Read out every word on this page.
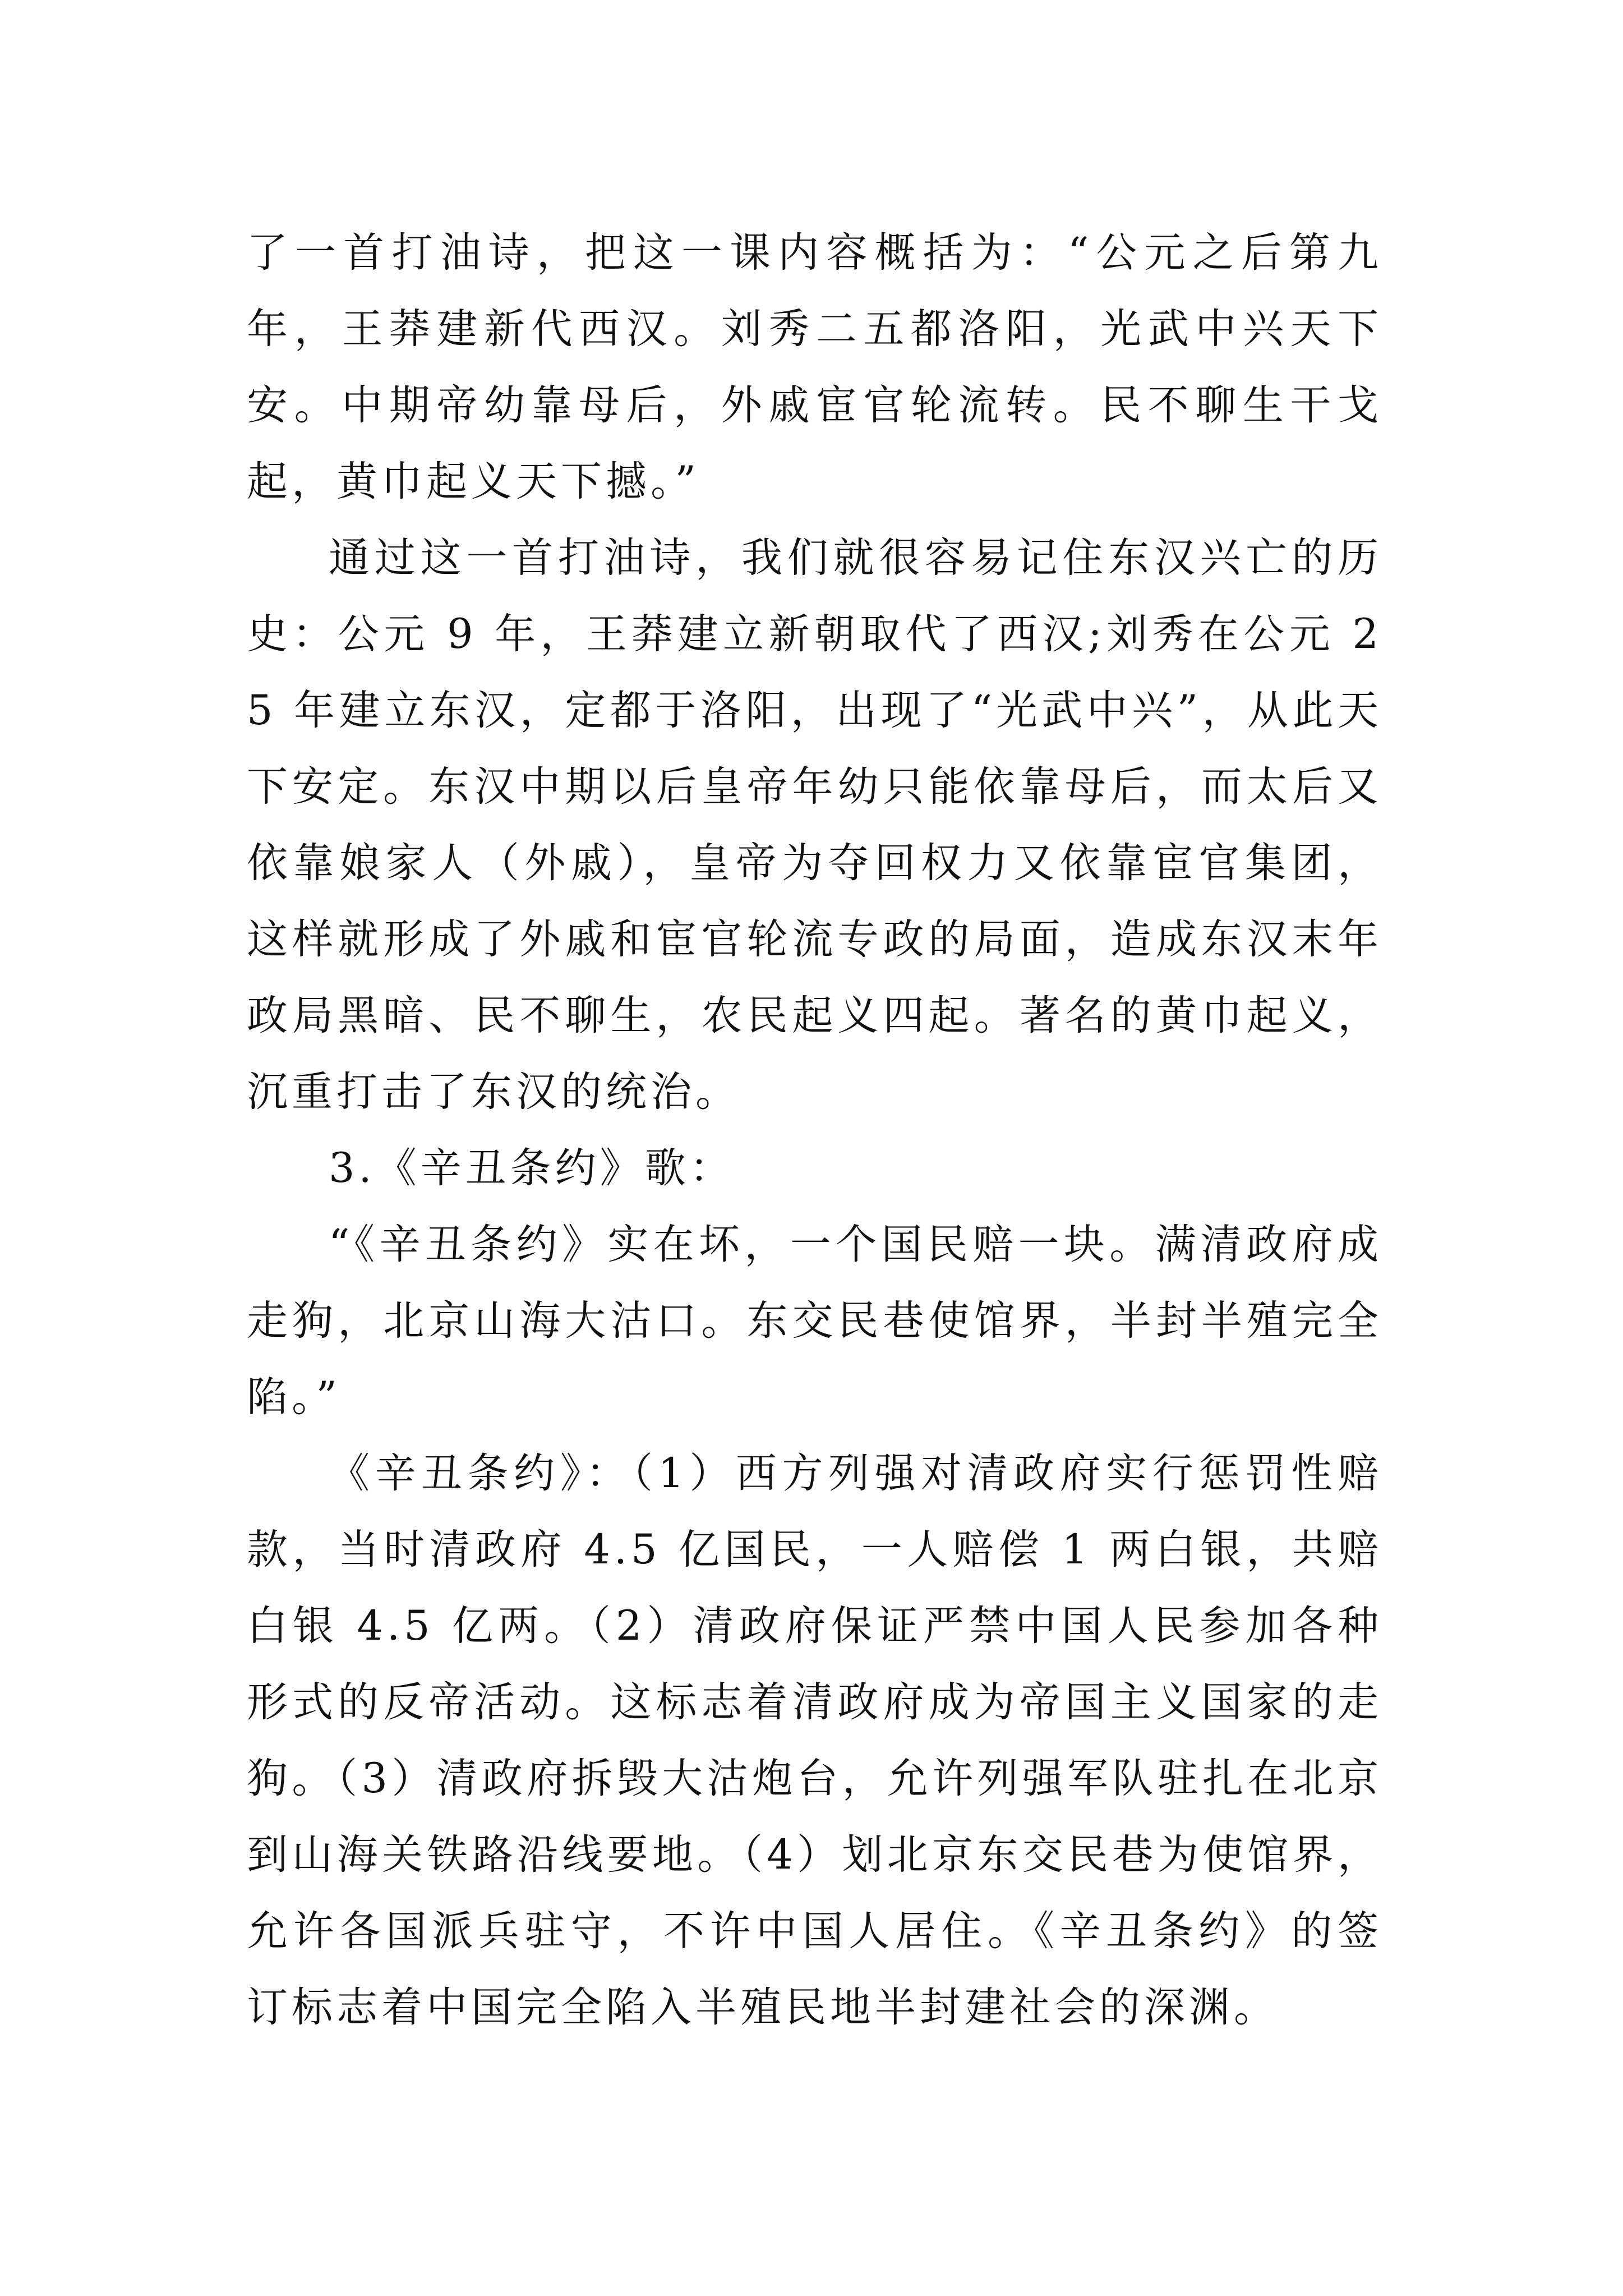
了一首打油诗，把这一课内容概括为：“公元之后第九年，王莽建新代西汉。刘秀二五都洛阳，光武中兴天下安。中期帝幼靠母后，外戚宦官轮流转。民不聊生干戈起，黄巾起义天下撼。”

通过这一首打油诗，我们就很容易记住东汉兴亡的历史：公元 9 年，王莽建立新朝取代了西汉;刘秀在公元 25 年建立东汉，定都于洛阳，出现了“光武中兴”，从此天下安定。东汉中期以后皇帝年幼只能依靠母后，而太后又依靠娘家人（外戚），皇帝为夺回权力又依靠宦官集团，这样就形成了外戚和宦官轮流专政的局面，造成东汉末年政局黑暗、民不聊生，农民起义四起。著名的黄巾起义，沉重打击了东汉的统治。

3.《辛丑条约》歌：

“《辛丑条约》实在坏，一个国民赔一块。满清政府成走狗，北京山海大沽口。东交民巷使馆界，半封半殖完全陷。”

《辛丑条约》：（1）西方列强对清政府实行惩罚性赔款，当时清政府 4.5 亿国民，一人赔偿 1 两白银，共赔白银 4.5 亿两。（2）清政府保证严禁中国人民参加各种形式的反帝活动。这标志着清政府成为帝国主义国家的走狗。（3）清政府拆毁大沽炮台，允许列强军队驻扎在北京到山海关铁路沿线要地。（4）划北京东交民巷为使馆界，允许各国派兵驻守，不许中国人居住。《辛丑条约》的签订标志着中国完全陷入半殖民地半封建社会的深渊。
